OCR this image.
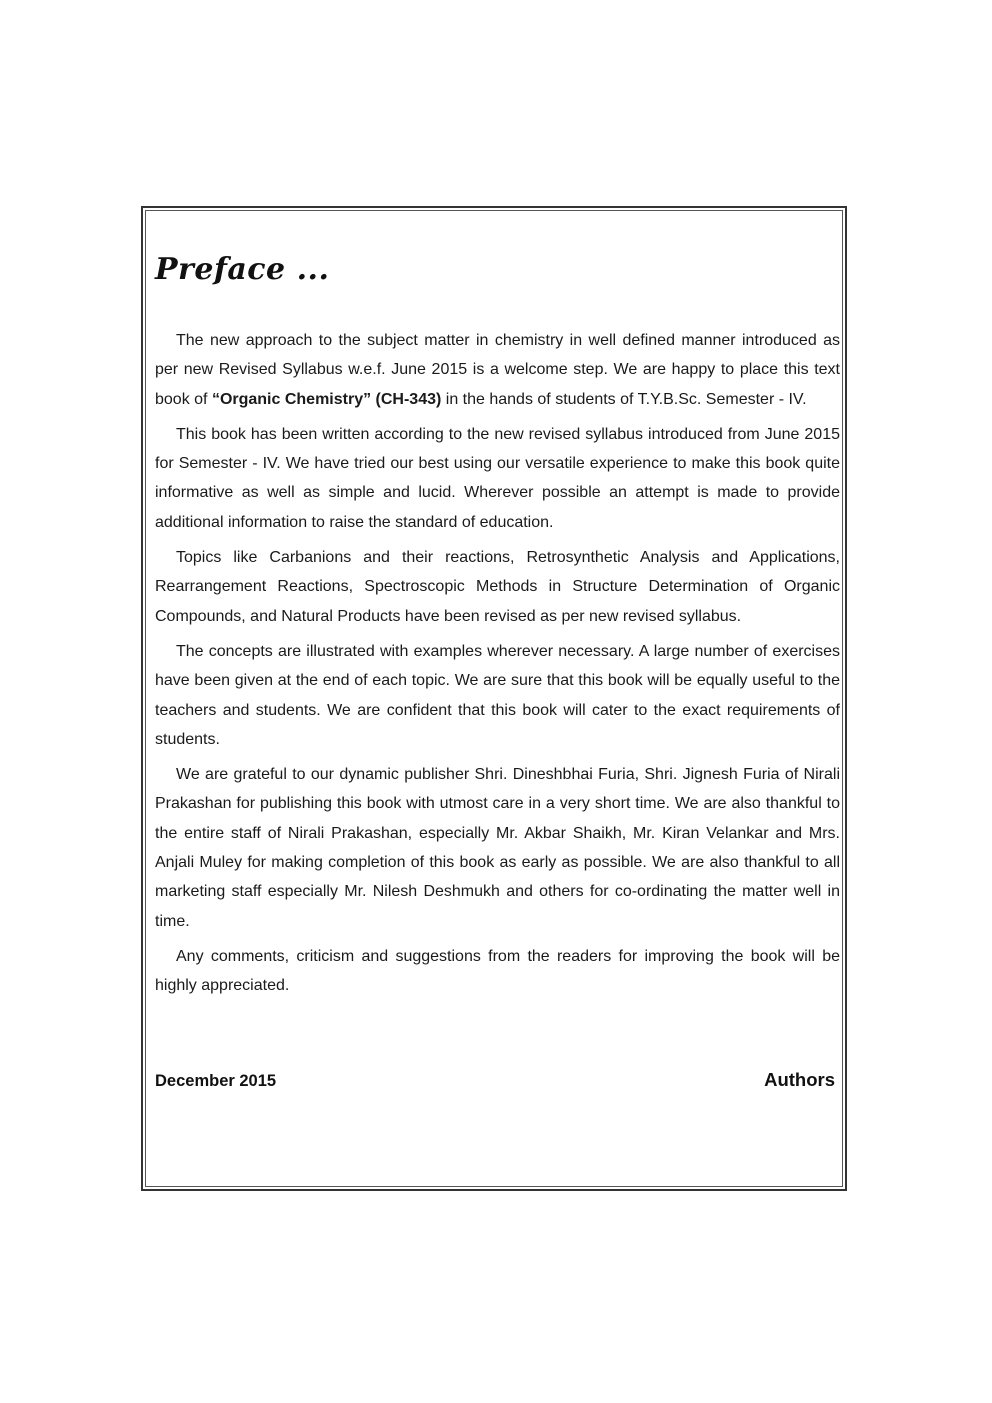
Preface ...

The new approach to the subject matter in chemistry in well defined manner introduced as per new Revised Syllabus w.e.f. June 2015 is a welcome step. We are happy to place this text book of “Organic Chemistry” (CH-343) in the hands of students of T.Y.B.Sc. Semester - IV.

This book has been written according to the new revised syllabus introduced from June 2015 for Semester - IV. We have tried our best using our versatile experience to make this book quite informative as well as simple and lucid. Wherever possible an attempt is made to provide additional information to raise the standard of education.

Topics like Carbanions and their reactions, Retrosynthetic Analysis and Applications, Rearrangement Reactions, Spectroscopic Methods in Structure Determination of Organic Compounds, and Natural Products have been revised as per new revised syllabus.

The concepts are illustrated with examples wherever necessary. A large number of exercises have been given at the end of each topic. We are sure that this book will be equally useful to the teachers and students. We are confident that this book will cater to the exact requirements of students.

We are grateful to our dynamic publisher Shri. Dineshbhai Furia, Shri. Jignesh Furia of Nirali Prakashan for publishing this book with utmost care in a very short time. We are also thankful to the entire staff of Nirali Prakashan, especially Mr. Akbar Shaikh, Mr. Kiran Velankar and Mrs. Anjali Muley for making completion of this book as early as possible. We are also thankful to all marketing staff especially Mr. Nilesh Deshmukh and others for co-ordinating the matter well in time.

Any comments, criticism and suggestions from the readers for improving the book will be highly appreciated.

December 2015	Authors
